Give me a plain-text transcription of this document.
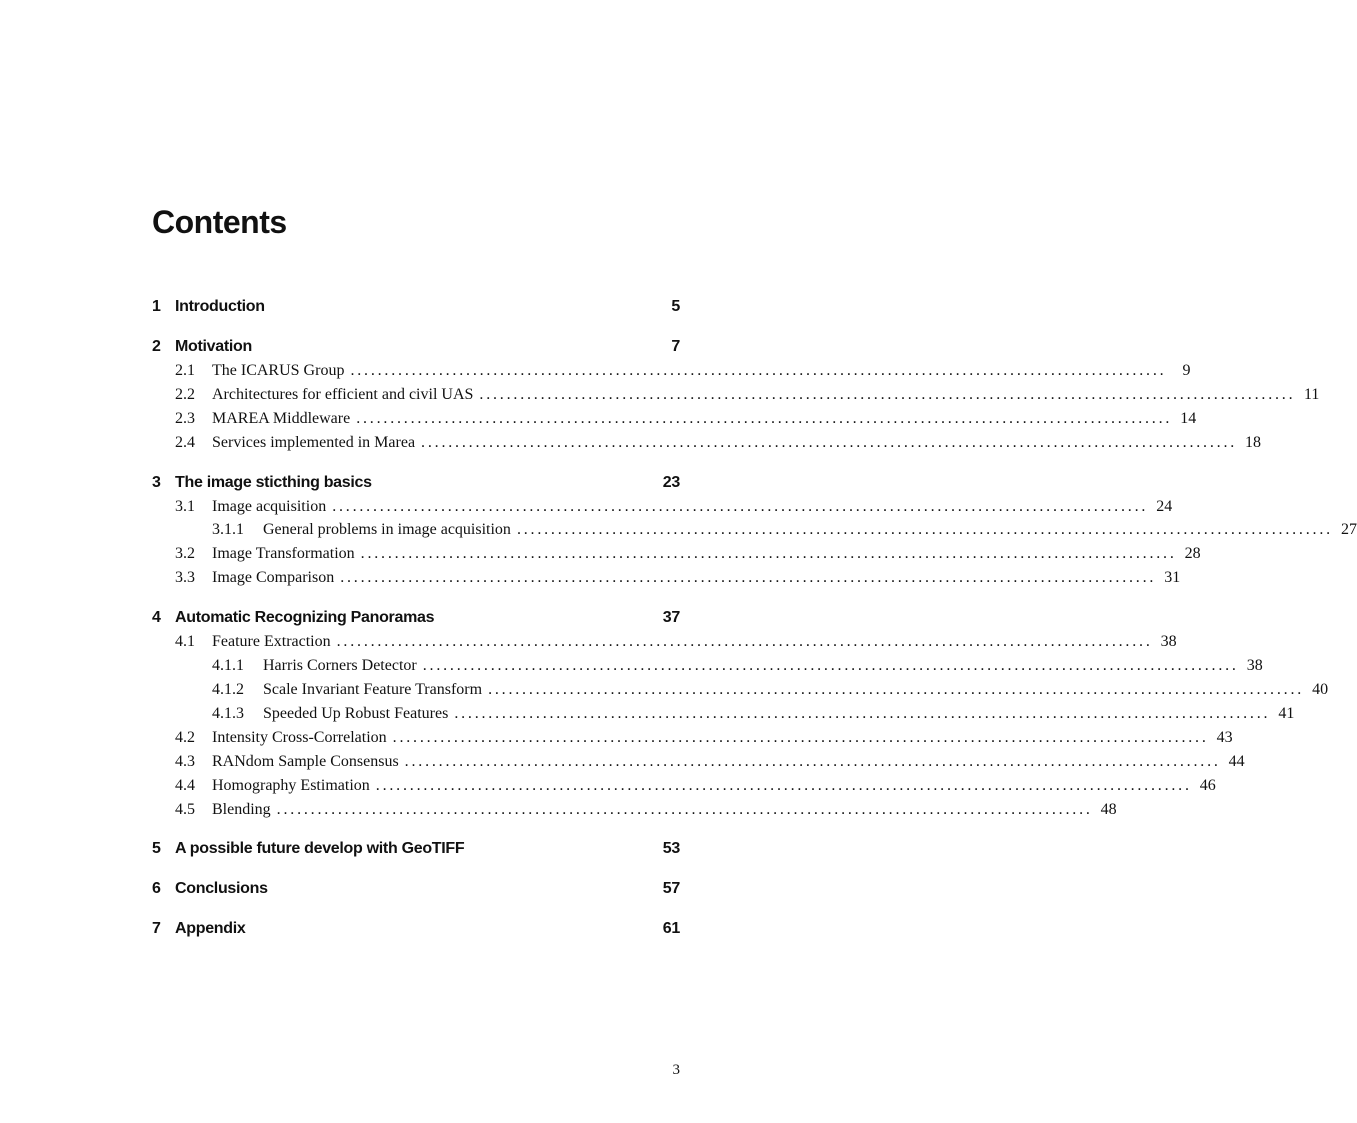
Contents
1 Introduction	5
2 Motivation	7
2.1	The ICARUS Group ........................................................................................................................	9
2.2	Architectures for efficient and civil UAS ........................................................................................................................ 11
2.3	MAREA Middleware ........................................................................................................................ 14
2.4	Services implemented in Marea ........................................................................................................................ 18
3 The image sticthing basics	23
3.1	Image acquisition ........................................................................................................................ 24
3.1.1	General problems in image acquisition ........................................................................................................................ 27
3.2	Image Transformation ........................................................................................................................ 28
3.3	Image Comparison ........................................................................................................................ 31
4 Automatic Recognizing Panoramas	37
4.1	Feature Extraction ........................................................................................................................ 38
4.1.1	Harris Corners Detector ........................................................................................................................ 38
4.1.2	Scale Invariant Feature Transform ........................................................................................................................ 40
4.1.3	Speeded Up Robust Features ........................................................................................................................ 41
4.2	Intensity Cross-Correlation ........................................................................................................................ 43
4.3	RANdom Sample Consensus ........................................................................................................................ 44
4.4	Homography Estimation ........................................................................................................................ 46
4.5	Blending ........................................................................................................................ 48
5 A possible future develop with GeoTIFF	53
6 Conclusions	57
7 Appendix	61
3
